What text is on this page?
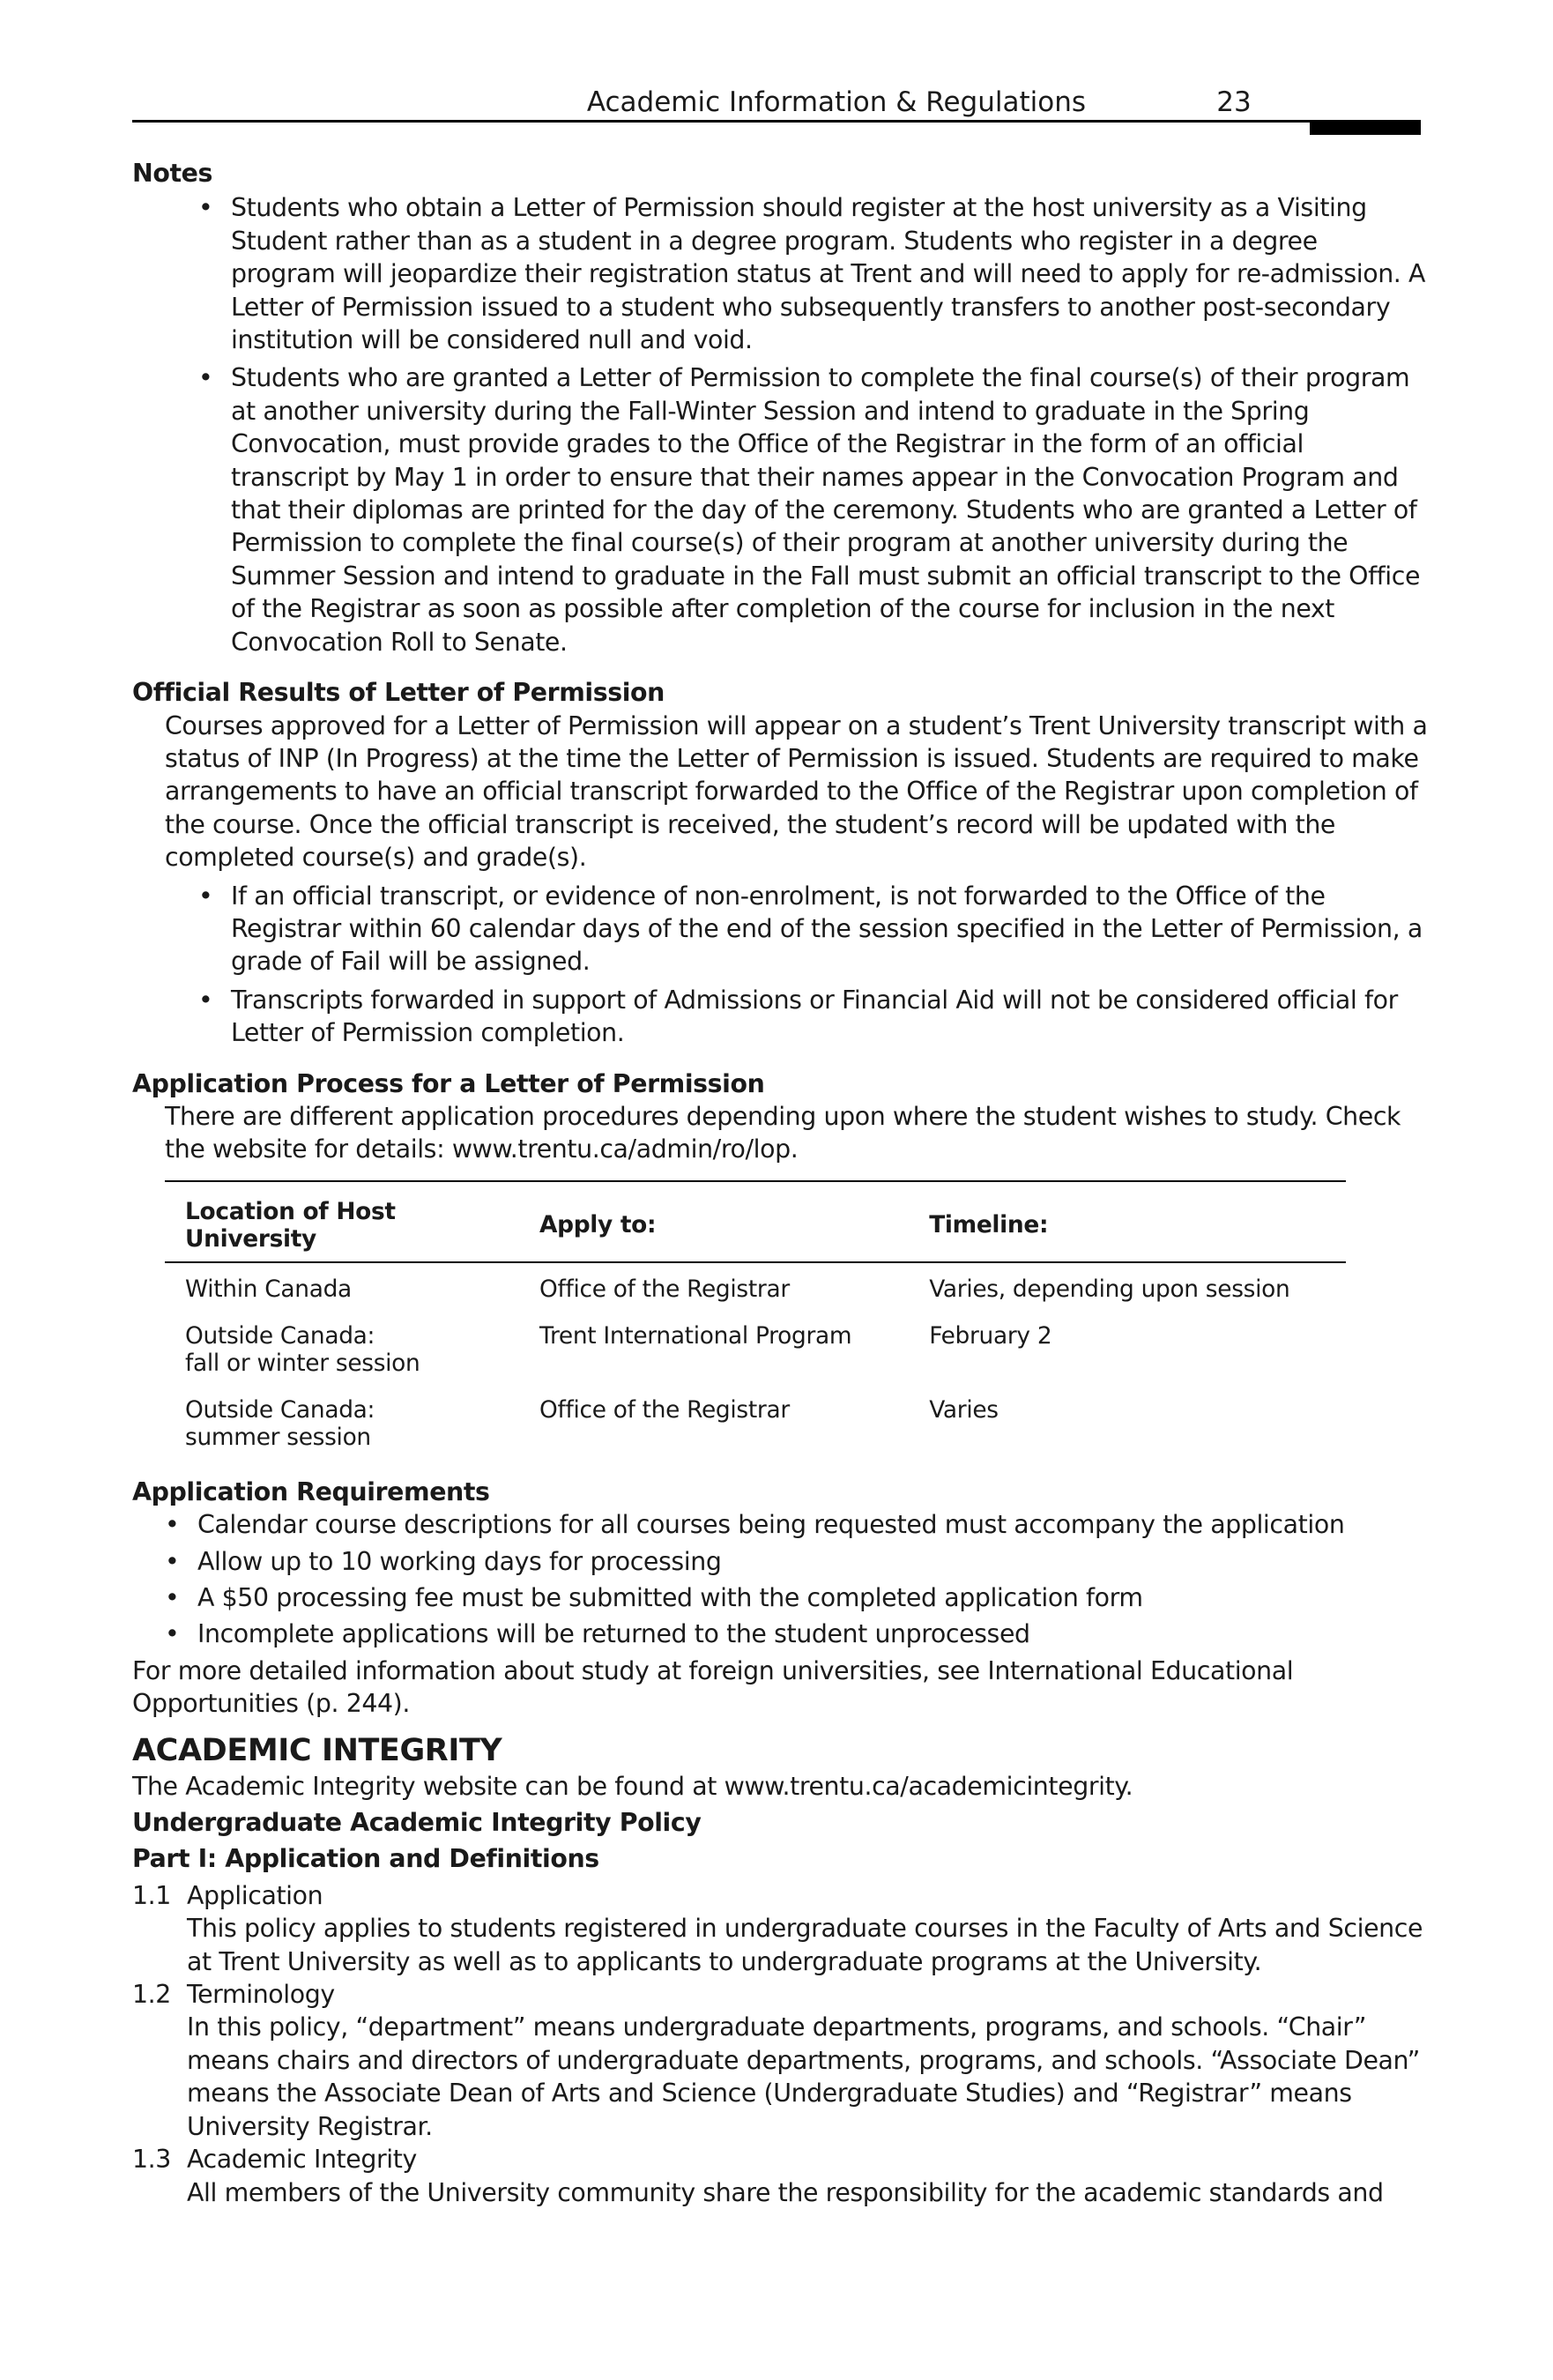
Academic Information & Regulations	23

Notes

• Students who obtain a Letter of Permission should register at the host university as a Visiting Student rather than as a student in a degree program. Students who register in a degree program will jeopardize their registration status at Trent and will need to apply for re-admission. A Letter of Permission issued to a student who subsequently transfers to another post-secondary institution will be considered null and void.
• Students who are granted a Letter of Permission to complete the final course(s) of their program at another university during the Fall-Winter Session and intend to graduate in the Spring Convocation, must provide grades to the Office of the Registrar in the form of an official transcript by May 1 in order to ensure that their names appear in the Convocation Program and that their diplomas are printed for the day of the ceremony. Students who are granted a Letter of Permission to complete the final course(s) of their program at another university during the Summer Session and intend to graduate in the Fall must submit an official transcript to the Office of the Registrar as soon as possible after completion of the course for inclusion in the next Convocation Roll to Senate.

Official Results of Letter of Permission

Courses approved for a Letter of Permission will appear on a student’s Trent University transcript with a status of INP (In Progress) at the time the Letter of Permission is issued. Students are required to make arrangements to have an official transcript forwarded to the Office of the Registrar upon completion of the course. Once the official transcript is received, the student’s record will be updated with the completed course(s) and grade(s).

• If an official transcript, or evidence of non-enrolment, is not forwarded to the Office of the Registrar within 60 calendar days of the end of the session specified in the Letter of Permission, a grade of Fail will be assigned.
• Transcripts forwarded in support of Admissions or Financial Aid will not be considered official for Letter of Permission completion.

Application Process for a Letter of Permission

There are different application procedures depending upon where the student wishes to study. Check the website for details: www.trentu.ca/admin/ro/lop.

Location of Host University	Apply to:	Timeline:

Within Canada	Office of the Registrar	Varies, depending upon session

Outside Canada:
fall or winter session	Trent International Program	February 2

Outside Canada:
summer session	Office of the Registrar	Varies

Application Requirements

• Calendar course descriptions for all courses being requested must accompany the application
• Allow up to 10 working days for processing
• A $50 processing fee must be submitted with the completed application form
• Incomplete applications will be returned to the student unprocessed

For more detailed information about study at foreign universities, see International Educational Opportunities (p. 244).

ACADEMIC INTEGRITY

The Academic Integrity website can be found at www.trentu.ca/academicintegrity.

Undergraduate Academic Integrity Policy

Part I: Application and Definitions

1.1 Application
This policy applies to students registered in undergraduate courses in the Faculty of Arts and Science at Trent University as well as to applicants to undergraduate programs at the University.
1.2 Terminology
In this policy, “department” means undergraduate departments, programs, and schools. “Chair” means chairs and directors of undergraduate departments, programs, and schools. “Associate Dean” means the Associate Dean of Arts and Science (Undergraduate Studies) and “Registrar” means University Registrar.
1.3 Academic Integrity
All members of the University community share the responsibility for the academic standards and
